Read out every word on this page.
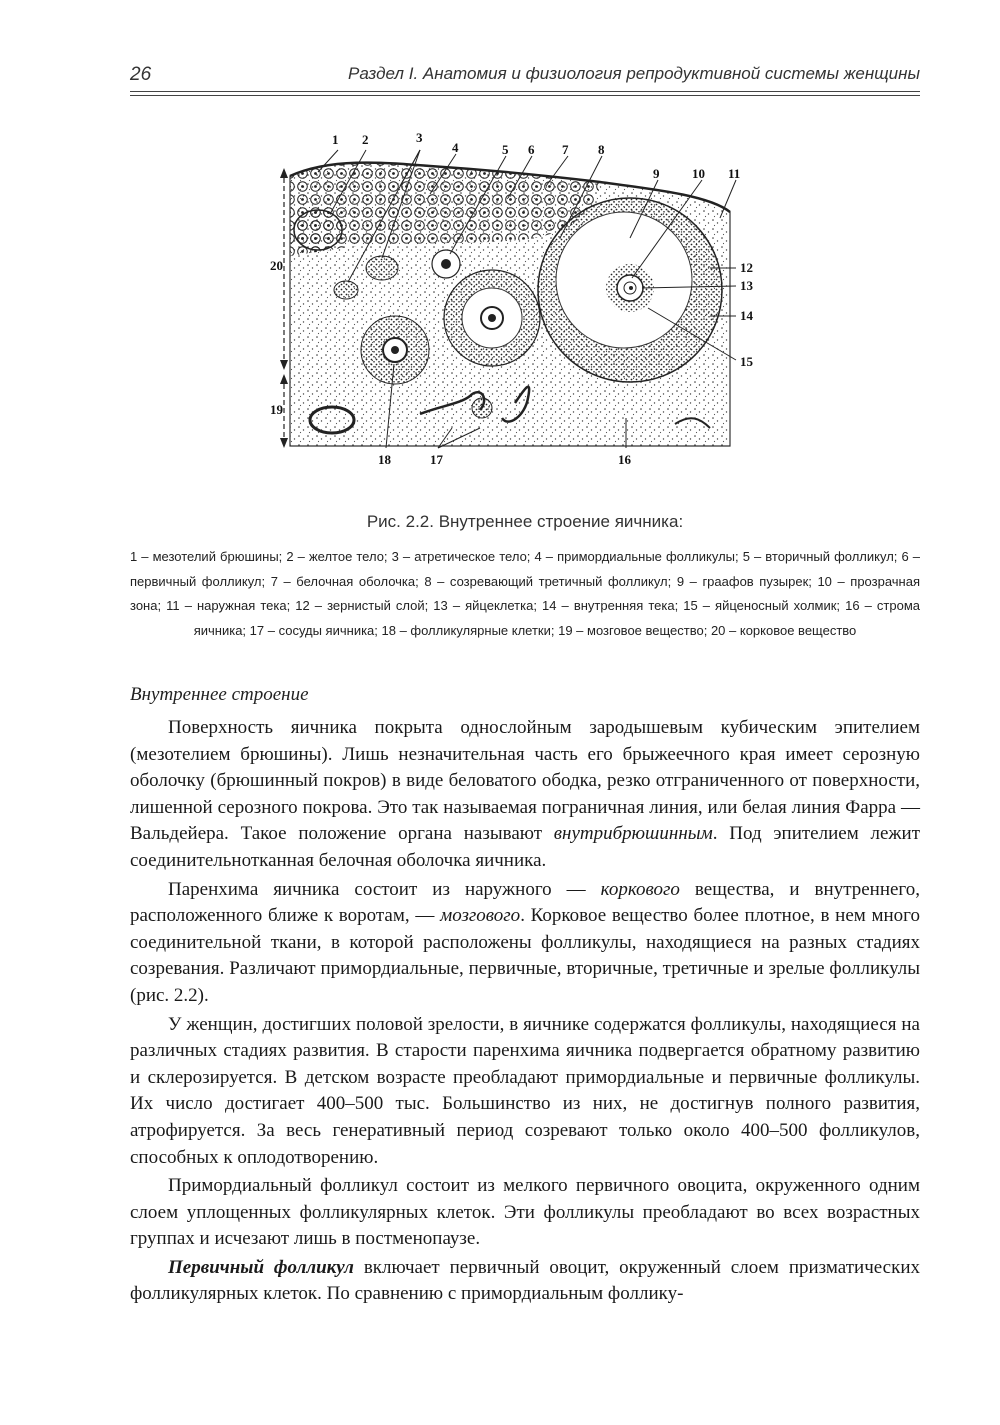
26	Раздел I. Анатомия и физиология репродуктивной системы женщины
1 2	3
4	5 6 7 8
9	10 11
12
13
14
15
16
17
18
19
20
Рис. 2.2. Внутреннее строение яичника:
1 – мезотелий брюшины; 2 – желтое тело; 3 – атретическое тело; 4 – примордиальные фолликулы; 5 – вторичный фолликул; 6 – первичный фолликул; 7 – белочная оболочка; 8 – созревающий третичный фолликул; 9 – граафов пузырек; 10 – прозрачная зона; 11 – наружная тека; 12 – зернистый слой; 13 – яйцеклетка; 14 – внутренняя тека; 15 – яйценосный холмик; 16 – строма яичника; 17 – сосуды яичника; 18 – фолликулярные клетки; 19 – мозговое вещество; 20 – корковое вещество
Внутреннее строение

Поверхность яичника покрыта однослойным зародышевым кубическим эпителием (мезотелием брюшины). Лишь незначительная часть его брыжеечного края имеет серозную оболочку (брюшинный покров) в виде беловатого ободка, резко отграниченного от поверхности, лишенной серозного покрова. Это так называемая пограничная линия, или белая линия Фарра — Вальдейера. Такое положение органа называют внутрибрюшинным. Под эпителием лежит соединительнотканная белочная оболочка яичника.

Паренхима яичника состоит из наружного — коркового вещества, и внутреннего, расположенного ближе к воротам, — мозгового. Корковое вещество более плотное, в нем много соединительной ткани, в которой расположены фолликулы, находящиеся на разных стадиях созревания. Различают примордиальные, первичные, вторичные, третичные и зрелые фолликулы (рис. 2.2).

У женщин, достигших половой зрелости, в яичнике содержатся фолликулы, находящиеся на различных стадиях развития. В старости паренхима яичника подвергается обратному развитию и склерозируется. В детском возрасте преобладают примордиальные и первичные фолликулы. Их число достигает 400–500 тыс. Большинство из них, не достигнув полного развития, атрофируется. За весь генеративный период созревают только около 400–500 фолликулов, способных к оплодотворению.

Примордиальный фолликул состоит из мелкого первичного овоцита, окруженного одним слоем уплощенных фолликулярных клеток. Эти фолликулы преобладают во всех возрастных группах и исчезают лишь в постменопаузе.

Первичный фолликул включает первичный овоцит, окруженный слоем призматических фолликулярных клеток. По сравнению с примордиальным фоллику-
